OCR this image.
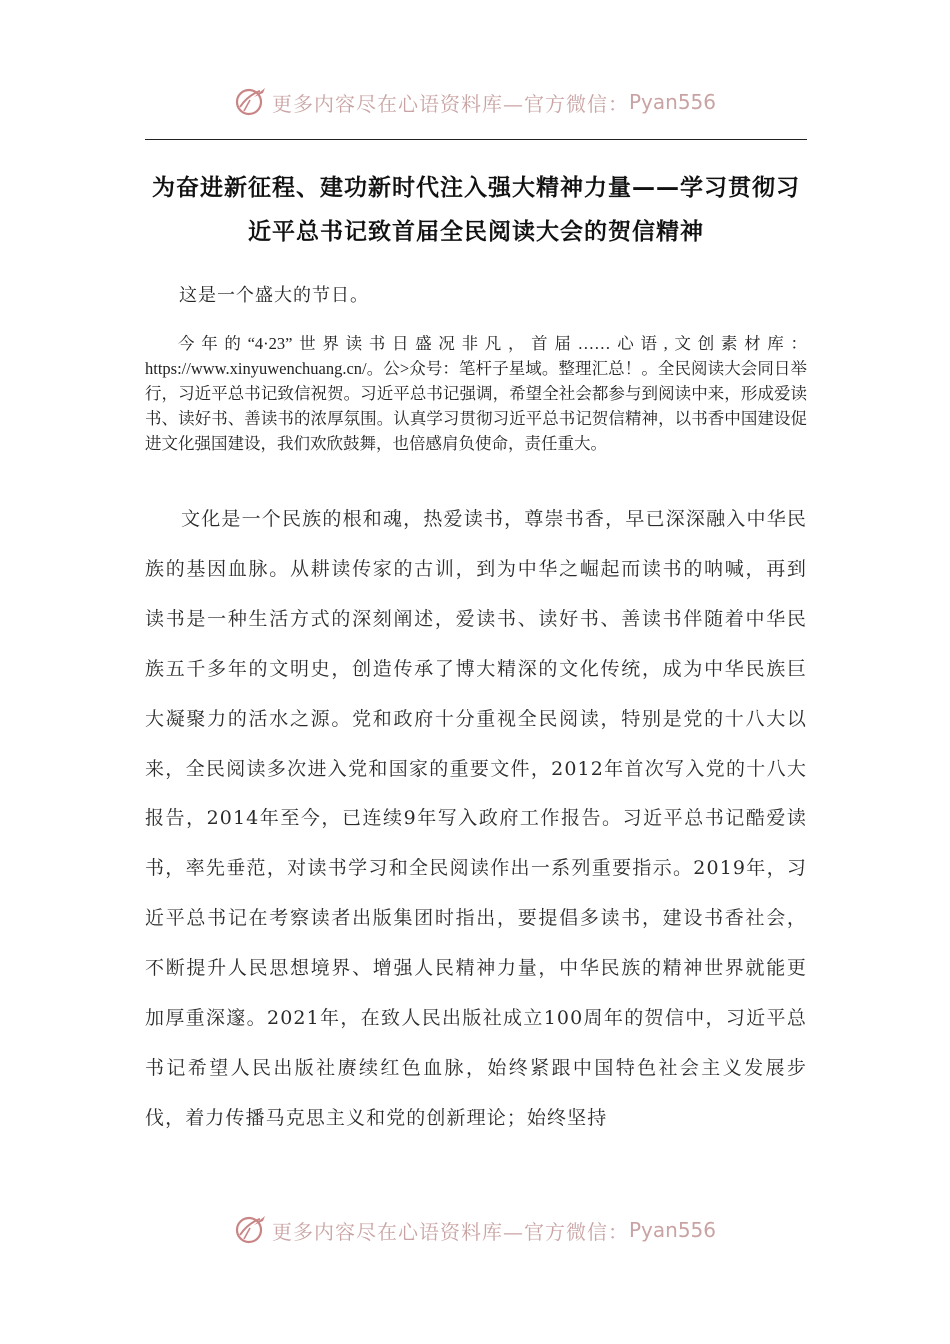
更多内容尽在心语资料库—官方微信： Pyan556
为奋进新征程、建功新时代注入强大精神力量——学习贯彻习近平总书记致首届全民阅读大会的贺信精神
这是一个盛大的节日。
今年的“4·23”世界读书日盛况非凡，首届……心语,文创素材库：https://www.xinyuwenchuang.cn/。公>众号：笔杆子星域。整理汇总！。全民阅读大会同日举行，习近平总书记致信祝贺。习近平总书记强调，希望全社会都参与到阅读中来，形成爱读书、读好书、善读书的浓厚氛围。认真学习贯彻习近平总书记贺信精神，以书香中国建设促进文化强国建设，我们欢欣鼓舞，也倍感肩负使命，责任重大。
文化是一个民族的根和魂，热爱读书，尊崇书香，早已深深融入中华民族的基因血脉。从耕读传家的古训，到为中华之崛起而读书的呐喊，再到读书是一种生活方式的深刻阐述，爱读书、读好书、善读书伴随着中华民族五千多年的文明史，创造传承了博大精深的文化传统，成为中华民族巨大凝聚力的活水之源。党和政府十分重视全民阅读，特别是党的十八大以来，全民阅读多次进入党和国家的重要文件，2012年首次写入党的十八大报告，2014年至今，已连续9年写入政府工作报告。习近平总书记酷爱读书，率先垂范，对读书学习和全民阅读作出一系列重要指示。2019年，习近平总书记在考察读者出版集团时指出，要提倡多读书，建设书香社会，不断提升人民思想境界、增强人民精神力量，中华民族的精神世界就能更加厚重深邃。2021年，在致人民出版社成立100周年的贺信中，习近平总书记希望人民出版社赓续红色血脉，始终紧跟中国特色社会主义发展步伐，着力传播马克思主义和党的创新理论；始终坚持
更多内容尽在心语资料库—官方微信： Pyan556
